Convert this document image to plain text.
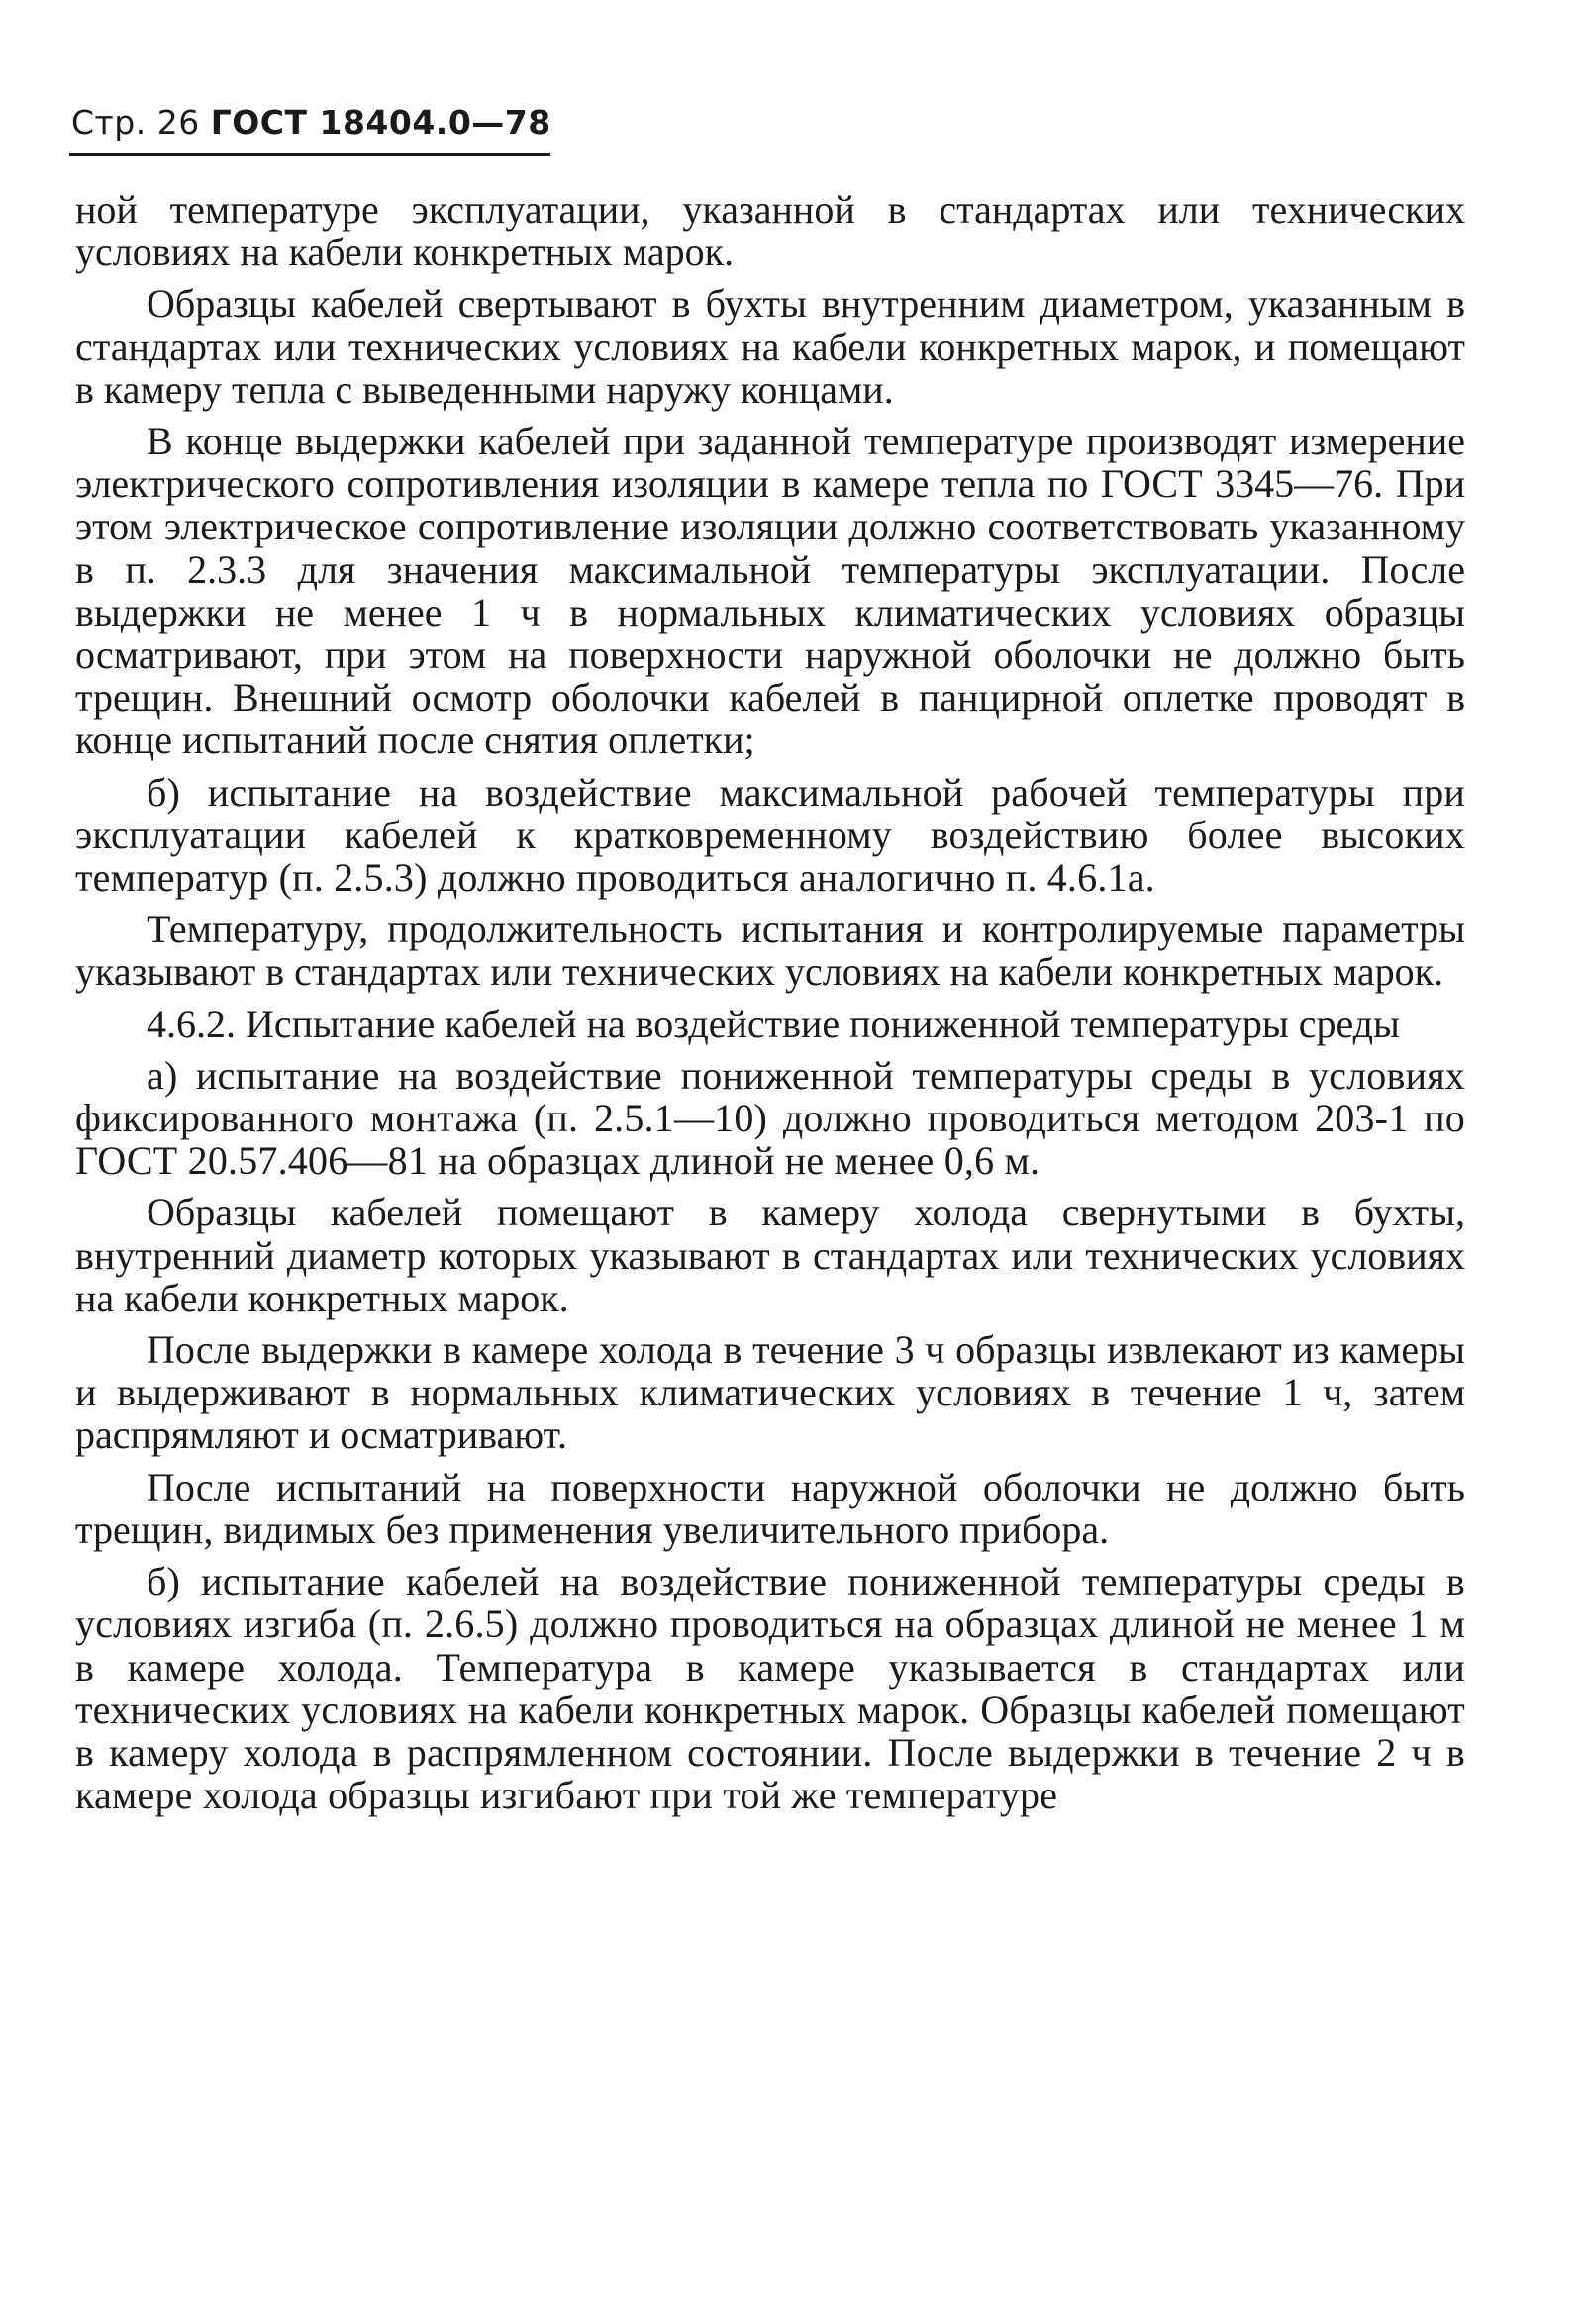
Стр. 26 ГОСТ 18404.0—78

ной температуре эксплуатации, указанной в стандартах или технических условиях на кабели конкретных марок.

Образцы кабелей свертывают в бухты внутренним диаметром, указанным в стандартах или технических условиях на кабели конкретных марок, и помещают в камеру тепла с выведенными наружу концами.

В конце выдержки кабелей при заданной температуре производят измерение электрического сопротивления изоляции в камере тепла по ГОСТ 3345—76. При этом электрическое сопротивление изоляции должно соответствовать указанному в п. 2.3.3 для значения максимальной температуры эксплуатации. После выдержки не менее 1 ч в нормальных климатических условиях образцы осматривают, при этом на поверхности наружной оболочки не должно быть трещин. Внешний осмотр оболочки кабелей в панцирной оплетке проводят в конце испытаний после снятия оплетки;

б) испытание на воздействие максимальной рабочей температуры при эксплуатации кабелей к кратковременному воздействию более высоких температур (п. 2.5.3) должно проводиться аналогично п. 4.6.1а.

Температуру, продолжительность испытания и контролируемые параметры указывают в стандартах или технических условиях на кабели конкретных марок.

4.6.2. Испытание кабелей на воздействие пониженной температуры среды

а) испытание на воздействие пониженной температуры среды в условиях фиксированного монтажа (п. 2.5.1—10) должно проводиться методом 203-1 по ГОСТ 20.57.406—81 на образцах длиной не менее 0,6 м.

Образцы кабелей помещают в камеру холода свернутыми в бухты, внутренний диаметр которых указывают в стандартах или технических условиях на кабели конкретных марок.

После выдержки в камере холода в течение 3 ч образцы извлекают из камеры и выдерживают в нормальных климатических условиях в течение 1 ч, затем распрямляют и осматривают.

После испытаний на поверхности наружной оболочки не должно быть трещин, видимых без применения увеличительного прибора.

б) испытание кабелей на воздействие пониженной температуры среды в условиях изгиба (п. 2.6.5) должно проводиться на образцах длиной не менее 1 м в камере холода. Температура в камере указывается в стандартах или технических условиях на кабели конкретных марок. Образцы кабелей помещают в камеру холода в распрямленном состоянии. После выдержки в течение 2 ч в камере холода образцы изгибают при той же температуре
